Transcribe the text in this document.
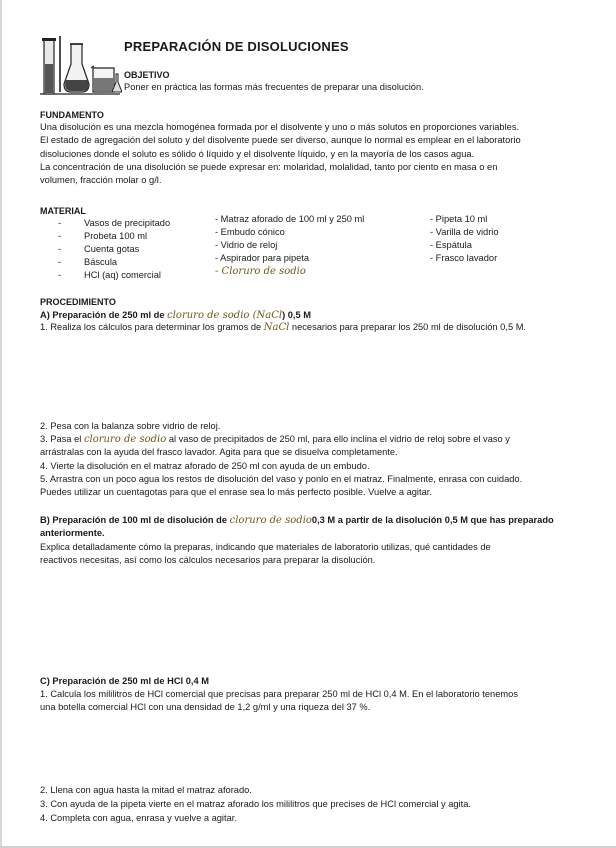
PREPARACIÓN DE DISOLUCIONES
OBJETIVO
Poner en práctica las formas más frecuentes de preparar una disolución.
FUNDAMENTO
Una disolución es una mezcla homogénea formada por el disolvente y uno o más solutos en proporciones variables.
El estado de agregación del soluto y del disolvente puede ser diverso, aunque lo normal es emplear en el laboratorio
disoluciones donde el soluto es sólido ó líquido y el disolvente líquido, y en la mayoría de los casos agua.
La concentración de una disolución se puede expresar en: molaridad, molalidad, tanto por ciento en masa o en
volumen, fracción molar o g/l.
MATERIAL
-	Vasos de precipitado
-	Probeta 100 ml
-	Cuenta gotas
-	Báscula
-	HCl (aq) comercial
- Matraz aforado de 100 ml y 250 ml
- Embudo cónico
- Vidrio de reloj
- Aspirador para pipeta
- Cloruro de sodio
- Pipeta 10 ml
- Varilla de vidrio
- Espátula
- Frasco lavador
PROCEDIMIENTO
A) Preparación de 250 ml de cloruro de sodio (NaCl) 0,5 M
1. Realiza los cálculos para determinar los gramos de NaCl necesarios para preparar los 250 ml de disolución 0,5 M.
2. Pesa con la balanza sobre vidrio de reloj.
3. Pasa el cloruro de sodio al vaso de precipitados de 250 ml, para ello inclina el vidrio de reloj sobre el vaso y
arrástralas con la ayuda del frasco lavador. Agita para que se disuelva completamente.
4. Vierte la disolución en el matraz aforado de 250 ml con ayuda de un embudo.
5. Arrastra con un poco agua los restos de disolución del vaso y ponlo en el matraz. Finalmente, enrasa con cuidado.
Puedes utilizar un cuentagotas para que el enrase sea lo más perfecto posible. Vuelve a agitar.
B) Preparación de 100 ml de disolución de cloruro de sodio0,3 M a partir de la disolución 0,5 M que has preparado
anteriormente.
Explica detalladamente cómo la preparas, indicando que materiales de laboratorio utilizas, qué cantidades de
reactivos necesitas, así como los cálculos necesarios para preparar la disolución.
C) Preparación de 250 ml de HCl 0,4 M
1. Calcula los mililitros de HCl comercial que precisas para preparar 250 ml de HCl 0,4 M. En el laboratorio tenemos
una botella comercial HCl con una densidad de 1,2 g/ml y una riqueza del 37 %.
2. Llena con agua hasta la mitad el matraz aforado.
3. Con ayuda de la pipeta vierte en el matraz aforado los mililitros que precises de HCl comercial y agita.
4. Completa con agua, enrasa y vuelve a agitar.
